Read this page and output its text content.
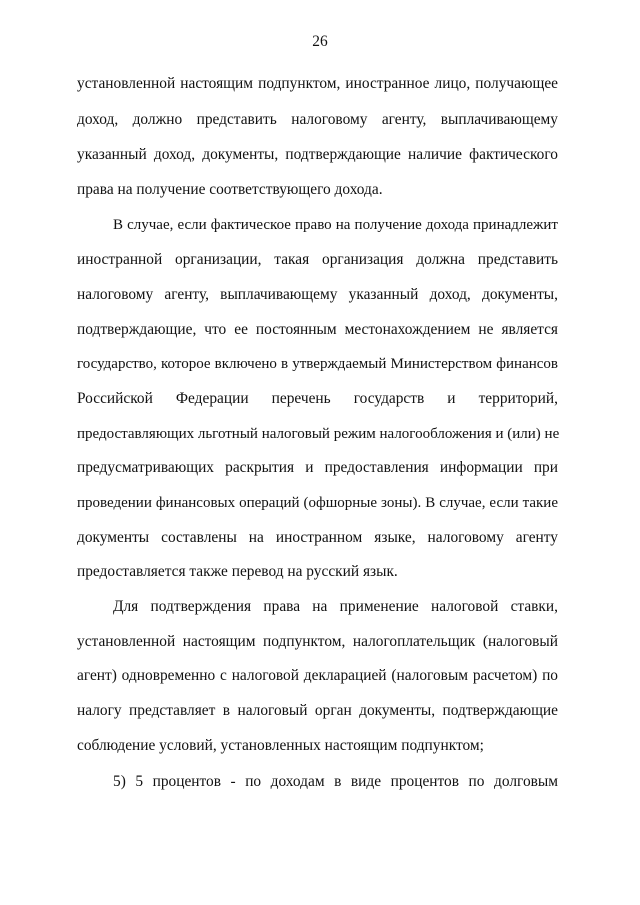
26
установленной настоящим подпунктом, иностранное лицо, получающее
доход, должно представить налоговому агенту, выплачивающему
указанный доход, документы, подтверждающие наличие фактического
права на получение соответствующего дохода.
В случае, если фактическое право на получение дохода принадлежит
иностранной организации, такая организация должна представить
налоговому агенту, выплачивающему указанный доход, документы,
подтверждающие, что ее постоянным местонахождением не является
государство, которое включено в утверждаемый Министерством финансов
Российской Федерации перечень государств и территорий,
предоставляющих льготный налоговый режим налогообложения и (или) не
предусматривающих раскрытия и предоставления информации при
проведении финансовых операций (офшорные зоны). В случае, если такие
документы составлены на иностранном языке, налоговому агенту
предоставляется также перевод на русский язык.
Для подтверждения права на применение налоговой ставки,
установленной настоящим подпунктом, налогоплательщик (налоговый
агент) одновременно с налоговой декларацией (налоговым расчетом) по
налогу представляет в налоговый орган документы, подтверждающие
соблюдение условий, установленных настоящим подпунктом;
5) 5 процентов - по доходам в виде процентов по долговым
